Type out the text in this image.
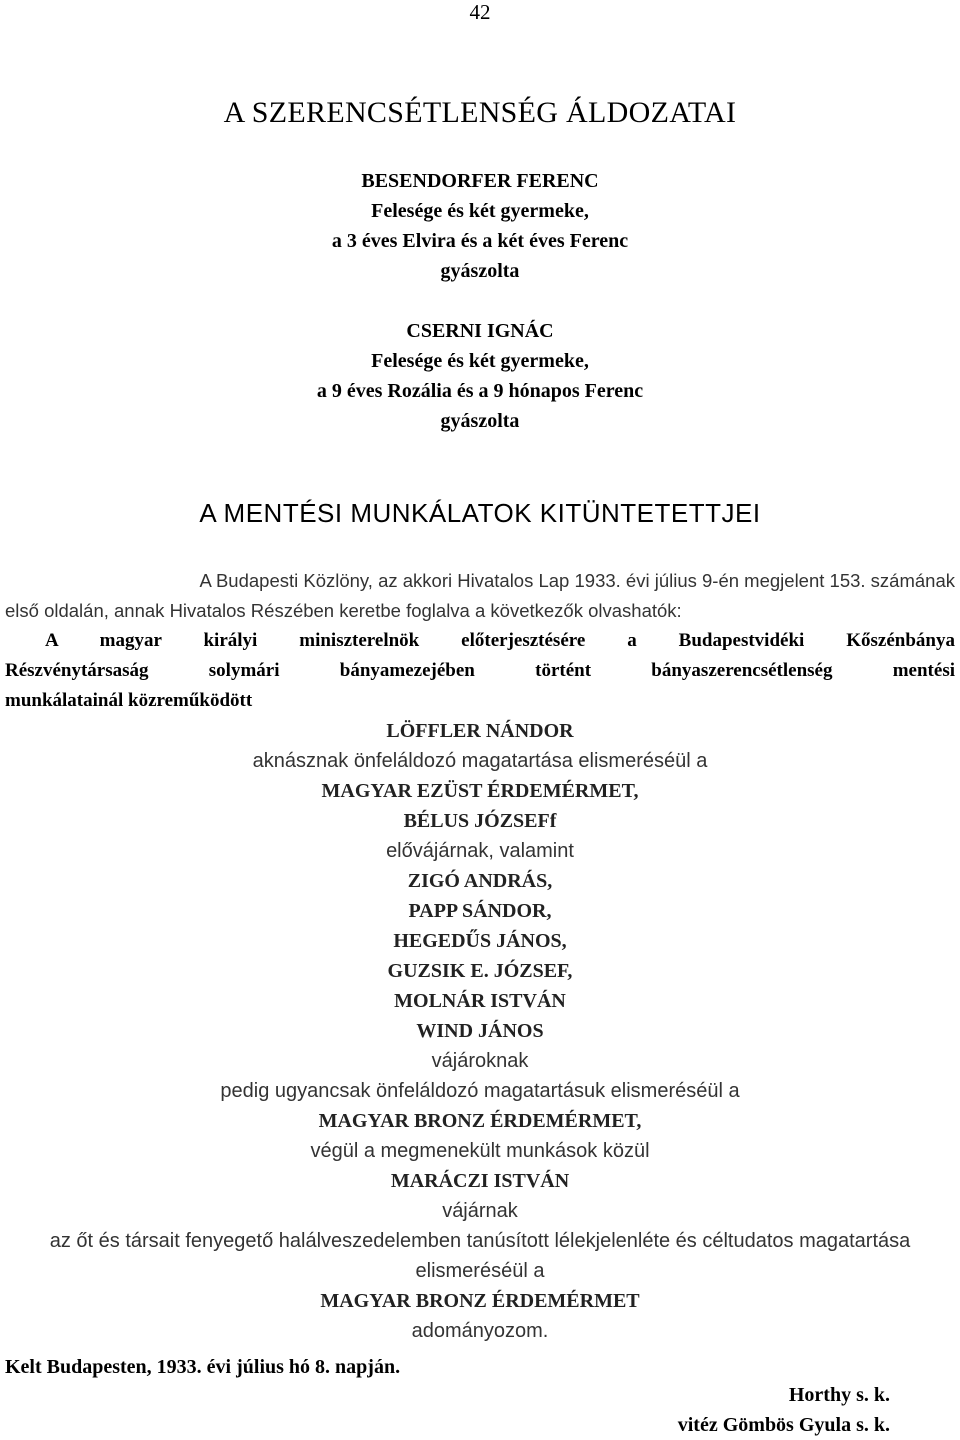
42
A SZERENCSÉTLENSÉG ÁLDOZATAI
BESENDORFER FERENC
Felesége és két gyermeke,
a 3 éves Elvira és a két éves Ferenc
gyászolta
CSERNI IGNÁC
Felesége és két gyermeke,
a 9 éves Rozália és a 9 hónapos Ferenc
gyászolta
A MENTÉSI MUNKÁLATOK KITÜNTETETTJEI
A Budapesti Közlöny, az akkori Hivatalos Lap 1933. évi július 9-én megjelent 153. számának
első oldalán, annak Hivatalos Részében keretbe foglalva a következők olvashatók:
A magyar királyi miniszterelnök előterjesztésére a Budapestvidéki Kőszénbánya
Részvénytársaság solymári bányamezejében történt bányaszerencsétlenség mentési
munkálatainál közreműködött
LÖFFLER NÁNDOR
aknásznak önfeláldozó magatartása elismeréséül a
MAGYAR EZÜST ÉRDEMÉRMET,
BÉLUS JÓZSEFf
elővájárnak, valamint
ZIGÓ ANDRÁS,
PAPP SÁNDOR,
HEGEDŰS JÁNOS,
GUZSIK E. JÓZSEF,
MOLNÁR ISTVÁN
WIND JÁNOS
vájároknak
pedig ugyancsak önfeláldozó magatartásuk elismeréséül a
MAGYAR BRONZ ÉRDEMÉRMET,
végül a megmenekült munkások közül
MARÁCZI ISTVÁN
vájárnak
az őt és társait fenyegető halálveszedelemben tanúsított lélekjelenléte és céltudatos magatartása
elismeréséül a
MAGYAR BRONZ ÉRDEMÉRMET
adományozom.
Kelt Budapesten, 1933. évi július hó 8. napján.
Horthy s. k.
vitéz Gömbös Gyula s. k.
